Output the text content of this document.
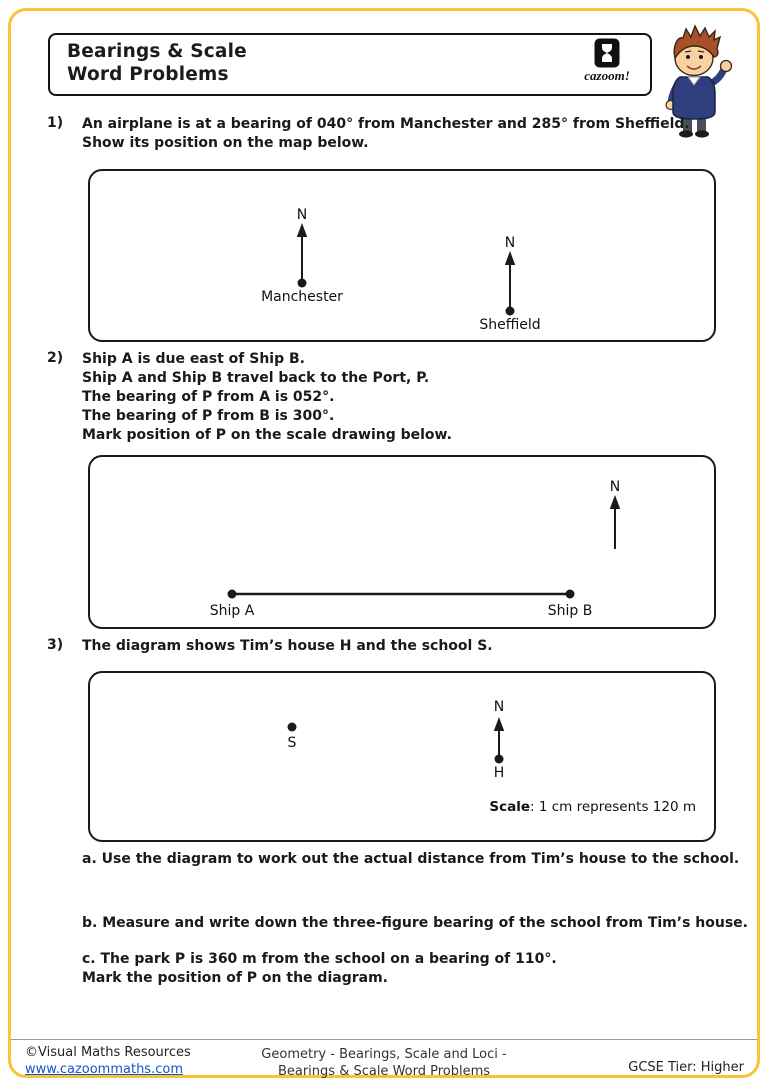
Bearings & Scale
Word Problems	cazoom!
1) An airplane is at a bearing of 040° from Manchester and 285° from Sheffield.
Show its position on the map below.
N
Manchester
N
Sheffield
2) Ship A is due east of Ship B.
Ship A and Ship B travel back to the Port, P.
The bearing of P from A is 052°.
The bearing of P from B is 300°.
Mark position of P on the scale drawing below.
N
Ship A	Ship B
3) The diagram shows Tim’s house H and the school S.
S
N
H
Scale: 1 cm represents 120 m
a. Use the diagram to work out the actual distance from Tim’s house to the school.
b. Measure and write down the three-figure bearing of the school from Tim’s house.
c. The park P is 360 m from the school on a bearing of 110°.
Mark the position of P on the diagram.
©Visual Maths Resources
www.cazoommaths.com
Geometry - Bearings, Scale and Loci -
Bearings & Scale Word Problems	GCSE Tier: Higher
